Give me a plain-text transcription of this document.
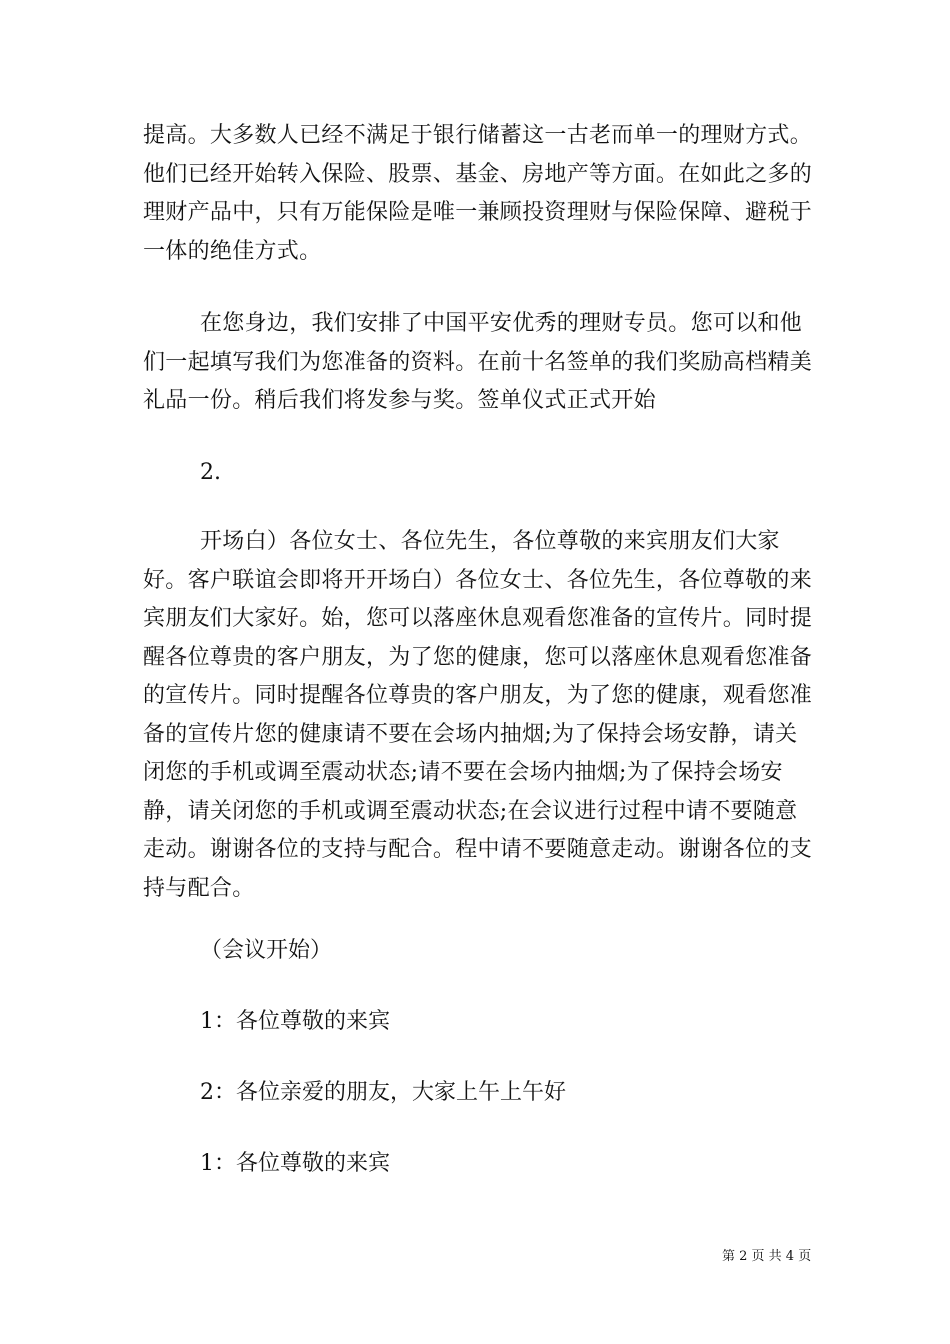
提高。大多数人已经不满足于银行储蓄这一古老而单一的理财方式。他们已经开始转入保险、股票、基金、房地产等方面。在如此之多的理财产品中，只有万能保险是唯一兼顾投资理财与保险保障、避税于一体的绝佳方式。

在您身边，我们安排了中国平安优秀的理财专员。您可以和他们一起填写我们为您准备的资料。在前十名签单的我们奖励高档精美礼品一份。稍后我们将发参与奖。签单仪式正式开始

2.

开场白）各位女士、各位先生，各位尊敬的来宾朋友们大家好。客户联谊会即将开开场白）各位女士、各位先生，各位尊敬的来宾朋友们大家好。始，您可以落座休息观看您准备的宣传片。同时提醒各位尊贵的客户朋友，为了您的健康，您可以落座休息观看您准备的宣传片。同时提醒各位尊贵的客户朋友，为了您的健康，观看您准备的宣传片您的健康请不要在会场内抽烟;为了保持会场安静，请关闭您的手机或调至震动状态;请不要在会场内抽烟;为了保持会场安静，请关闭您的手机或调至震动状态;在会议进行过程中请不要随意走动。谢谢各位的支持与配合。程中请不要随意走动。谢谢各位的支持与配合。

（会议开始）

1：各位尊敬的来宾

2：各位亲爱的朋友，大家上午上午好

1：各位尊敬的来宾

第 2 页 共 4 页
